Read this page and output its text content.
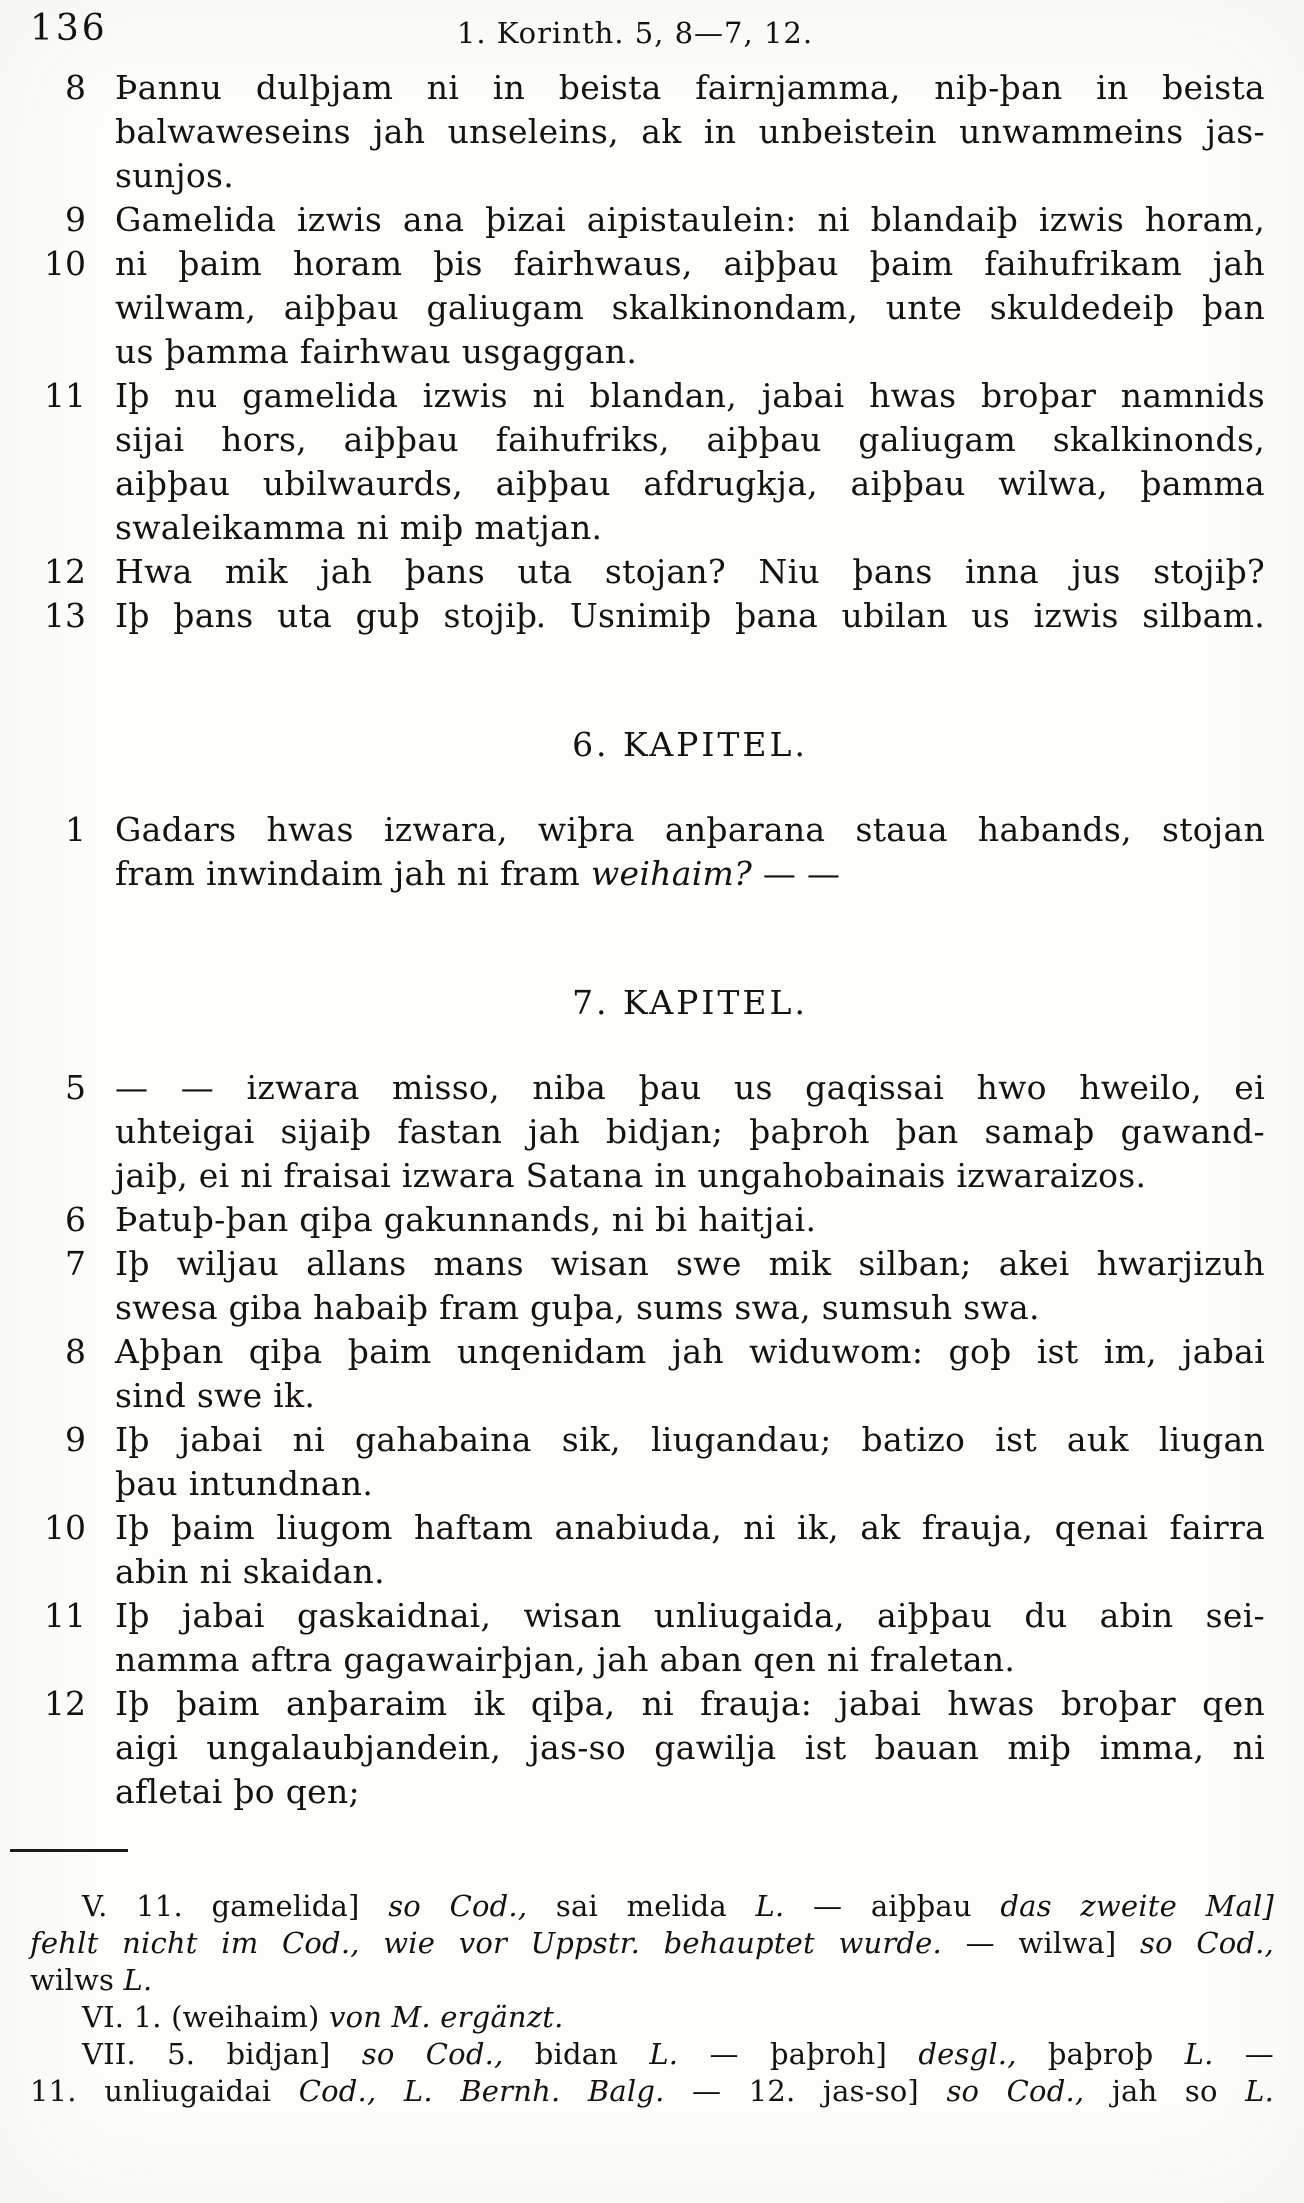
136	1. Korinth. 5, 8—7, 12.
8 Þannu dulþjam ni in beista fairnjamma, niþ-þan in beista
balwaweseins jah unseleins, ak in unbeistein unwammeins jas-
sunjos.
9 Gamelida izwis ana þizai aipistaulein: ni blandaiþ izwis horam,
10 ni þaim horam þis fairhwaus, aiþþau þaim faihufrikam jah
wilwam, aiþþau galiugam skalkinondam, unte skuldedeiþ þan
us þamma fairhwau usgaggan.
11 Iþ nu gamelida izwis ni blandan, jabai hwas broþar namnids
sijai hors, aiþþau faihufriks, aiþþau galiugam skalkinonds,
aiþþau ubilwaurds, aiþþau afdrugkja, aiþþau wilwa, þamma
swaleikamma ni miþ matjan.
12 Hwa mik jah þans uta stojan? Niu þans inna jus stojiþ?
13 Iþ þans uta guþ stojiþ. Usnimiþ þana ubilan us izwis silbam.
6. KAPITEL.
1 Gadars hwas izwara, wiþra anþarana staua habands, stojan
fram inwindaim jah ni fram weihaim? — —
7. KAPITEL.
5 — — izwara misso, niba þau us gaqissai hwo hweilo, ei
uhteigai sijaiþ fastan jah bidjan; þaþroh þan samaþ gawand-
jaiþ, ei ni fraisai izwara Satana in ungahobainais izwaraizos.
6 Þatuþ-þan qiþa gakunnands, ni bi haitjai.
7 Iþ wiljau allans mans wisan swe mik silban; akei hwarjizuh
swesa giba habaiþ fram guþa, sums swa, sumsuh swa.
8 Aþþan qiþa þaim unqenidam jah widuwom: goþ ist im, jabai
sind swe ik.
9 Iþ jabai ni gahabaina sik, liugandau; batizo ist auk liugan
þau intundnan.
10 Iþ þaim liugom haftam anabiuda, ni ik, ak frauja, qenai fairra
abin ni skaidan.
11 Iþ jabai gaskaidnai, wisan unliugaida, aiþþau du abin sei-
namma aftra gagawairþjan, jah aban qen ni fraletan.
12 Iþ þaim anþaraim ik qiþa, ni frauja: jabai hwas broþar qen
aigi ungalaubjandein, jas-so gawilja ist bauan miþ imma, ni
afletai þo qen;
V. 11. gamelida] so Cod., sai melida L. — aiþþau das zweite Mal]
fehlt nicht im Cod., wie vor Uppstr. behauptet wurde. — wilwa] so Cod.,
wilws L.
VI. 1. (weihaim) von M. ergänzt.
VII. 5. bidjan] so Cod., bidan L. — þaþroh] desgl., þaþroþ L. —
11. unliugaidai Cod., L. Bernh. Balg. — 12. jas-so] so Cod., jah so L.
